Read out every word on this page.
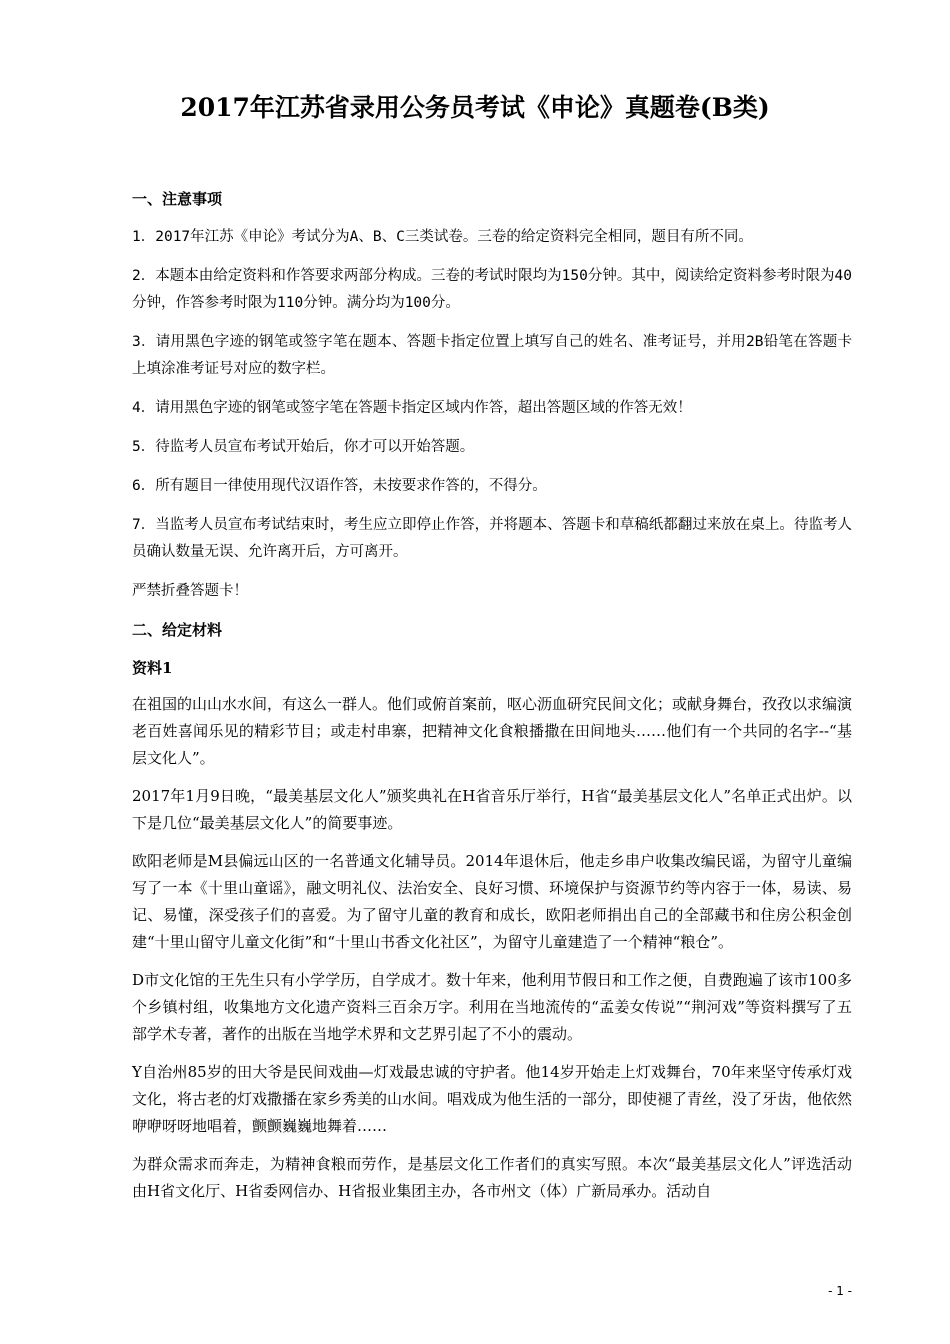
2017年江苏省录用公务员考试《申论》真题卷(B类)

一、注意事项

1．2017年江苏《申论》考试分为A、B、C三类试卷。三卷的给定资料完全相同，题目有所不同。

2．本题本由给定资料和作答要求两部分构成。三卷的考试时限均为150分钟。其中，阅读给定资料参考时限为40分钟，作答参考时限为110分钟。满分均为100分。

3．请用黑色字迹的钢笔或签字笔在题本、答题卡指定位置上填写自己的姓名、准考证号，并用2B铅笔在答题卡上填涂准考证号对应的数字栏。

4．请用黑色字迹的钢笔或签字笔在答题卡指定区域内作答，超出答题区域的作答无效！

5．待监考人员宣布考试开始后，你才可以开始答题。

6．所有题目一律使用现代汉语作答，未按要求作答的，不得分。

7．当监考人员宣布考试结束时，考生应立即停止作答，并将题本、答题卡和草稿纸都翻过来放在桌上。待监考人员确认数量无误、允许离开后，方可离开。

严禁折叠答题卡！

二、给定材料

资料1

在祖国的山山水水间，有这么一群人。他们或俯首案前，呕心沥血研究民间文化；或献身舞台，孜孜以求编演老百姓喜闻乐见的精彩节目；或走村串寨，把精神文化食粮播撒在田间地头……他们有一个共同的名字--“基层文化人”。

2017年1月9日晚，“最美基层文化人”颁奖典礼在H省音乐厅举行，H省“最美基层文化人”名单正式出炉。以下是几位“最美基层文化人”的简要事迹。

欧阳老师是M县偏远山区的一名普通文化辅导员。2014年退休后，他走乡串户收集改编民谣，为留守儿童编写了一本《十里山童谣》，融文明礼仪、法治安全、良好习惯、环境保护与资源节约等内容于一体，易读、易记、易懂，深受孩子们的喜爱。为了留守儿童的教育和成长，欧阳老师捐出自己的全部藏书和住房公积金创建“十里山留守儿童文化街”和“十里山书香文化社区”，为留守儿童建造了一个精神“粮仓”。

D市文化馆的王先生只有小学学历，自学成才。数十年来，他利用节假日和工作之便，自费跑遍了该市100多个乡镇村组，收集地方文化遗产资料三百余万字。利用在当地流传的“孟姜女传说”“荆河戏”等资料撰写了五部学术专著，著作的出版在当地学术界和文艺界引起了不小的震动。

Y自治州85岁的田大爷是民间戏曲—灯戏最忠诚的守护者。他14岁开始走上灯戏舞台，70年来坚守传承灯戏文化，将古老的灯戏撒播在家乡秀美的山水间。唱戏成为他生活的一部分，即使褪了青丝，没了牙齿，他依然咿咿呀呀地唱着，颤颤巍巍地舞着……

为群众需求而奔走，为精神食粮而劳作，是基层文化工作者们的真实写照。本次“最美基层文化人”评选活动由H省文化厅、H省委网信办、H省报业集团主办，各市州文（体）广新局承办。活动自

- 1 -
